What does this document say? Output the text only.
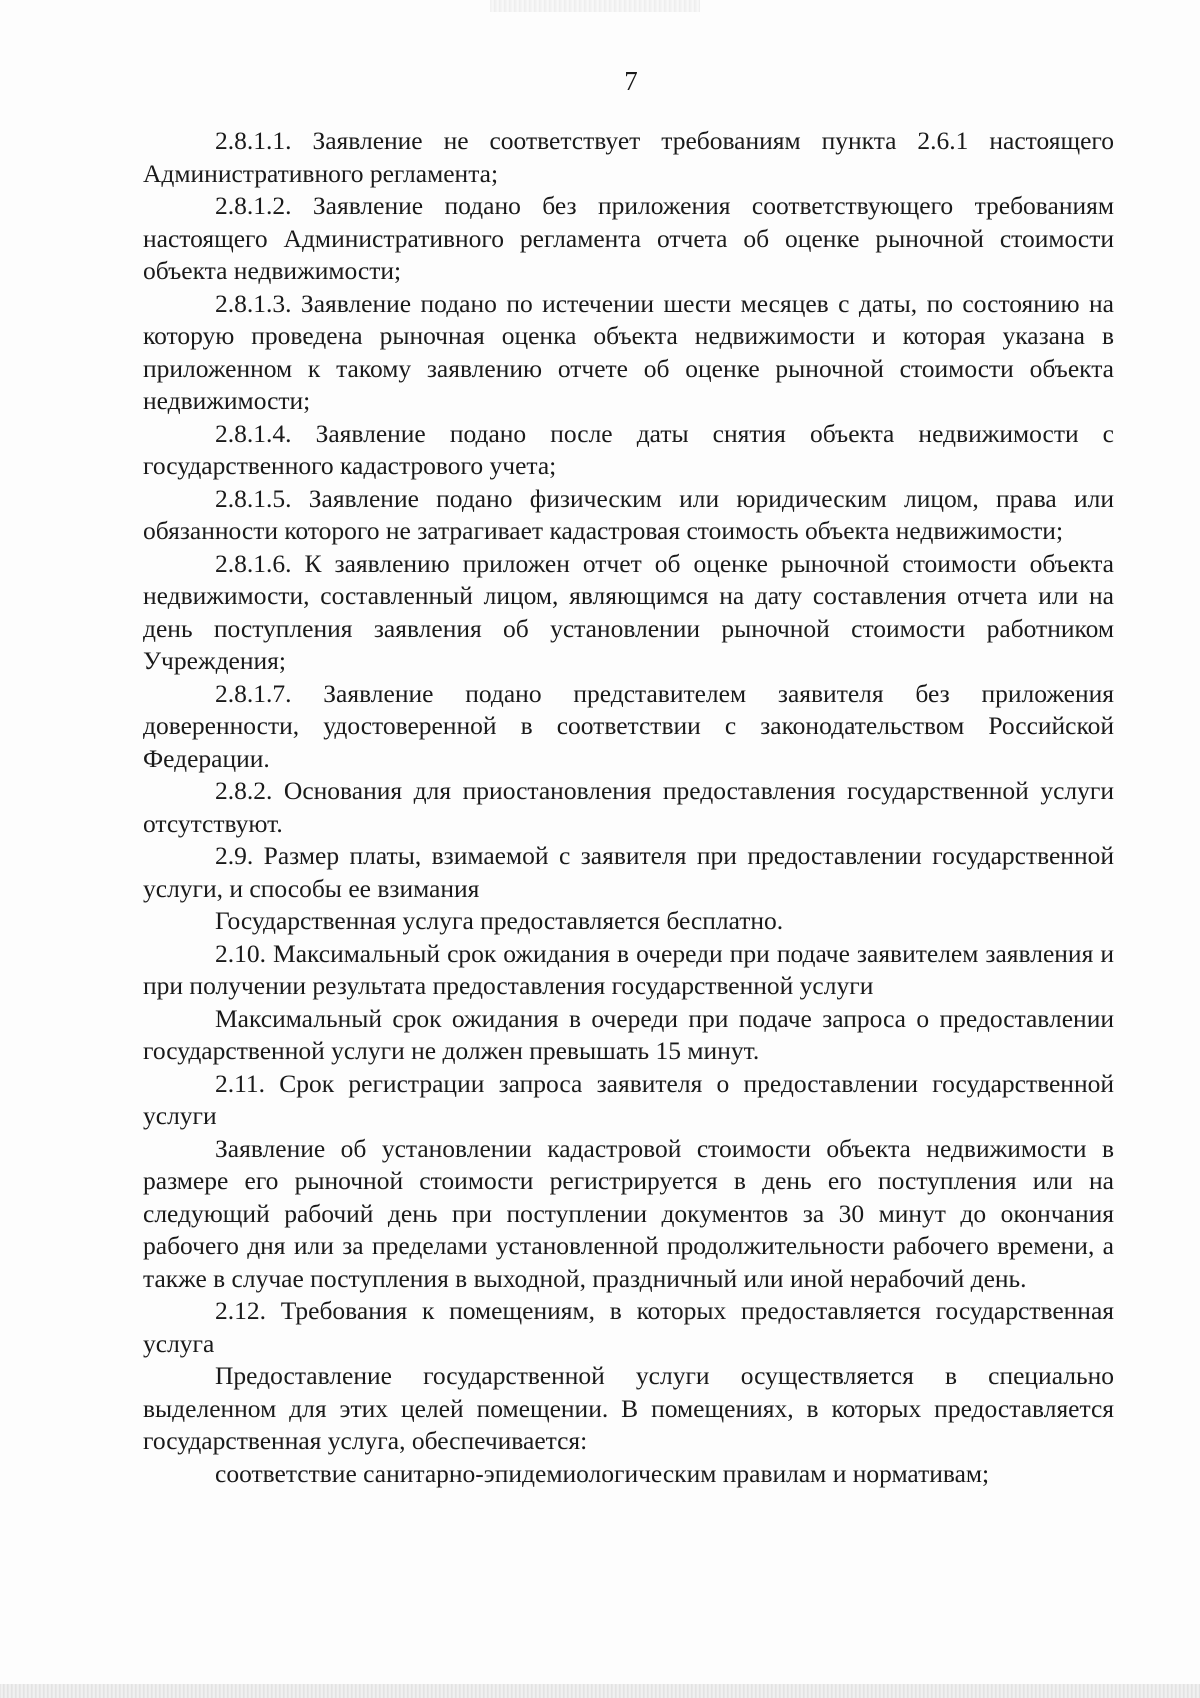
7

2.8.1.1. Заявление не соответствует требованиям пункта 2.6.1 настоящего Административного регламента;

2.8.1.2. Заявление подано без приложения соответствующего требованиям настоящего Административного регламента отчета об оценке рыночной стоимости объекта недвижимости;

2.8.1.3. Заявление подано по истечении шести месяцев с даты, по состоянию на которую проведена рыночная оценка объекта недвижимости и которая указана в приложенном к такому заявлению отчете об оценке рыночной стоимости объекта недвижимости;

2.8.1.4. Заявление подано после даты снятия объекта недвижимости с государственного кадастрового учета;

2.8.1.5. Заявление подано физическим или юридическим лицом, права или обязанности которого не затрагивает кадастровая стоимость объекта недвижимости;

2.8.1.6. К заявлению приложен отчет об оценке рыночной стоимости объекта недвижимости, составленный лицом, являющимся на дату составления отчета или на день поступления заявления об установлении рыночной стоимости работником Учреждения;

2.8.1.7. Заявление подано представителем заявителя без приложения доверенности, удостоверенной в соответствии с законодательством Российской Федерации.

2.8.2. Основания для приостановления предоставления государственной услуги отсутствуют.

2.9. Размер платы, взимаемой с заявителя при предоставлении государственной услуги, и способы ее взимания

Государственная услуга предоставляется бесплатно.

2.10. Максимальный срок ожидания в очереди при подаче заявителем заявления и при получении результата предоставления государственной услуги

Максимальный срок ожидания в очереди при подаче запроса о предоставлении государственной услуги не должен превышать 15 минут.

2.11. Срок регистрации запроса заявителя о предоставлении государственной услуги

Заявление об установлении кадастровой стоимости объекта недвижимости в размере его рыночной стоимости регистрируется в день его поступления или на следующий рабочий день при поступлении документов за 30 минут до окончания рабочего дня или за пределами установленной продолжительности рабочего времени, а также в случае поступления в выходной, праздничный или иной нерабочий день.

2.12. Требования к помещениям, в которых предоставляется государственная услуга

Предоставление государственной услуги осуществляется в специально выделенном для этих целей помещении. В помещениях, в которых предоставляется государственная услуга, обеспечивается:

соответствие санитарно-эпидемиологическим правилам и нормативам;
